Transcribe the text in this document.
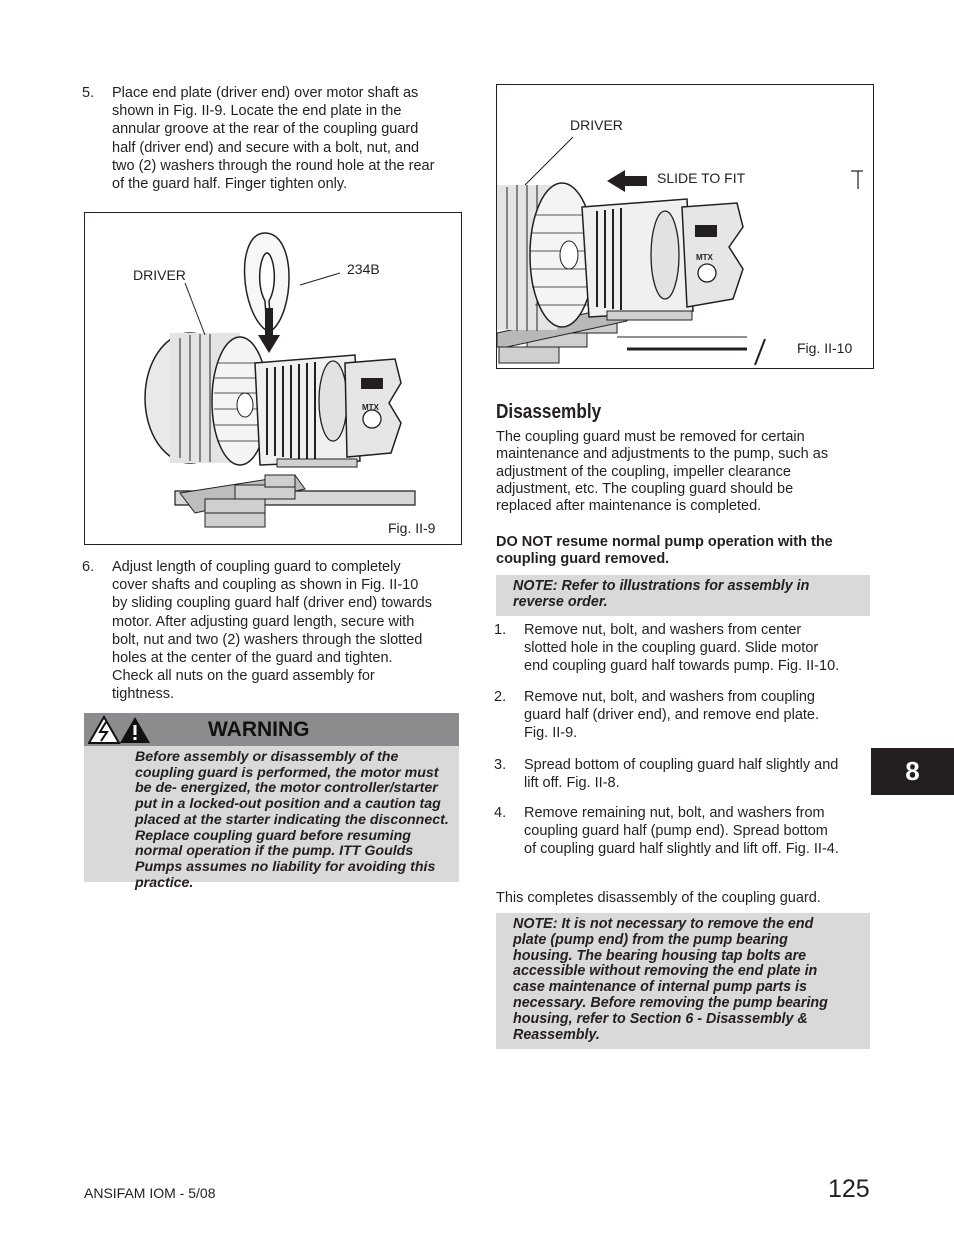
5. Place end plate (driver end) over motor shaft as
shown in Fig. II-9. Locate the end plate in the
annular groove at the rear of the coupling guard
half (driver end) and secure with a bolt, nut, and
two (2) washers through the round hole at the rear
of the guard half. Finger tighten only.
MTX
DRIVER	234B
Fig. II-9
6. Adjust length of coupling guard to completely
cover shafts and coupling as shown in Fig. II-10
by sliding coupling guard half (driver end) towards
motor. After adjusting guard length, secure with
bolt, nut and two (2) washers through the slotted
holes at the center of the guard and tighten.
Check all nuts on the guard assembly for
tightness.
WARNING
Before assembly or disassembly of the
coupling guard is performed, the motor must
be de- energized, the motor controller/starter
put in a locked-out position and a caution tag
placed at the starter indicating the disconnect.
Replace coupling guard before resuming
normal operation if the pump. ITT Goulds
Pumps assumes no liability for avoiding this
practice.
MTX
DRIVER
SLIDE TO FIT
Fig. II-10
Disassembly
The coupling guard must be removed for certain
maintenance and adjustments to the pump, such as
adjustment of the coupling, impeller clearance
adjustment, etc. The coupling guard should be
replaced after maintenance is completed.
DO NOT resume normal pump operation with the
coupling guard removed.
NOTE: Refer to illustrations for assembly in
reverse order.
1. Remove nut, bolt, and washers from center
slotted hole in the coupling guard. Slide motor
end coupling guard half towards pump. Fig. II-10.
2. Remove nut, bolt, and washers from coupling
guard half (driver end), and remove end plate.
Fig. II-9.
3. Spread bottom of coupling guard half slightly and
lift off. Fig. II-8.
4. Remove remaining nut, bolt, and washers from
coupling guard half (pump end). Spread bottom
of coupling guard half slightly and lift off. Fig. II-4.
This completes disassembly of the coupling guard.
NOTE: It is not necessary to remove the end
plate (pump end) from the pump bearing
housing. The bearing housing tap bolts are
accessible without removing the end plate in
case maintenance of internal pump parts is
necessary. Before removing the pump bearing
housing, refer to Section 6 - Disassembly &
Reassembly.
8
ANSIFAM IOM - 5/08	125
